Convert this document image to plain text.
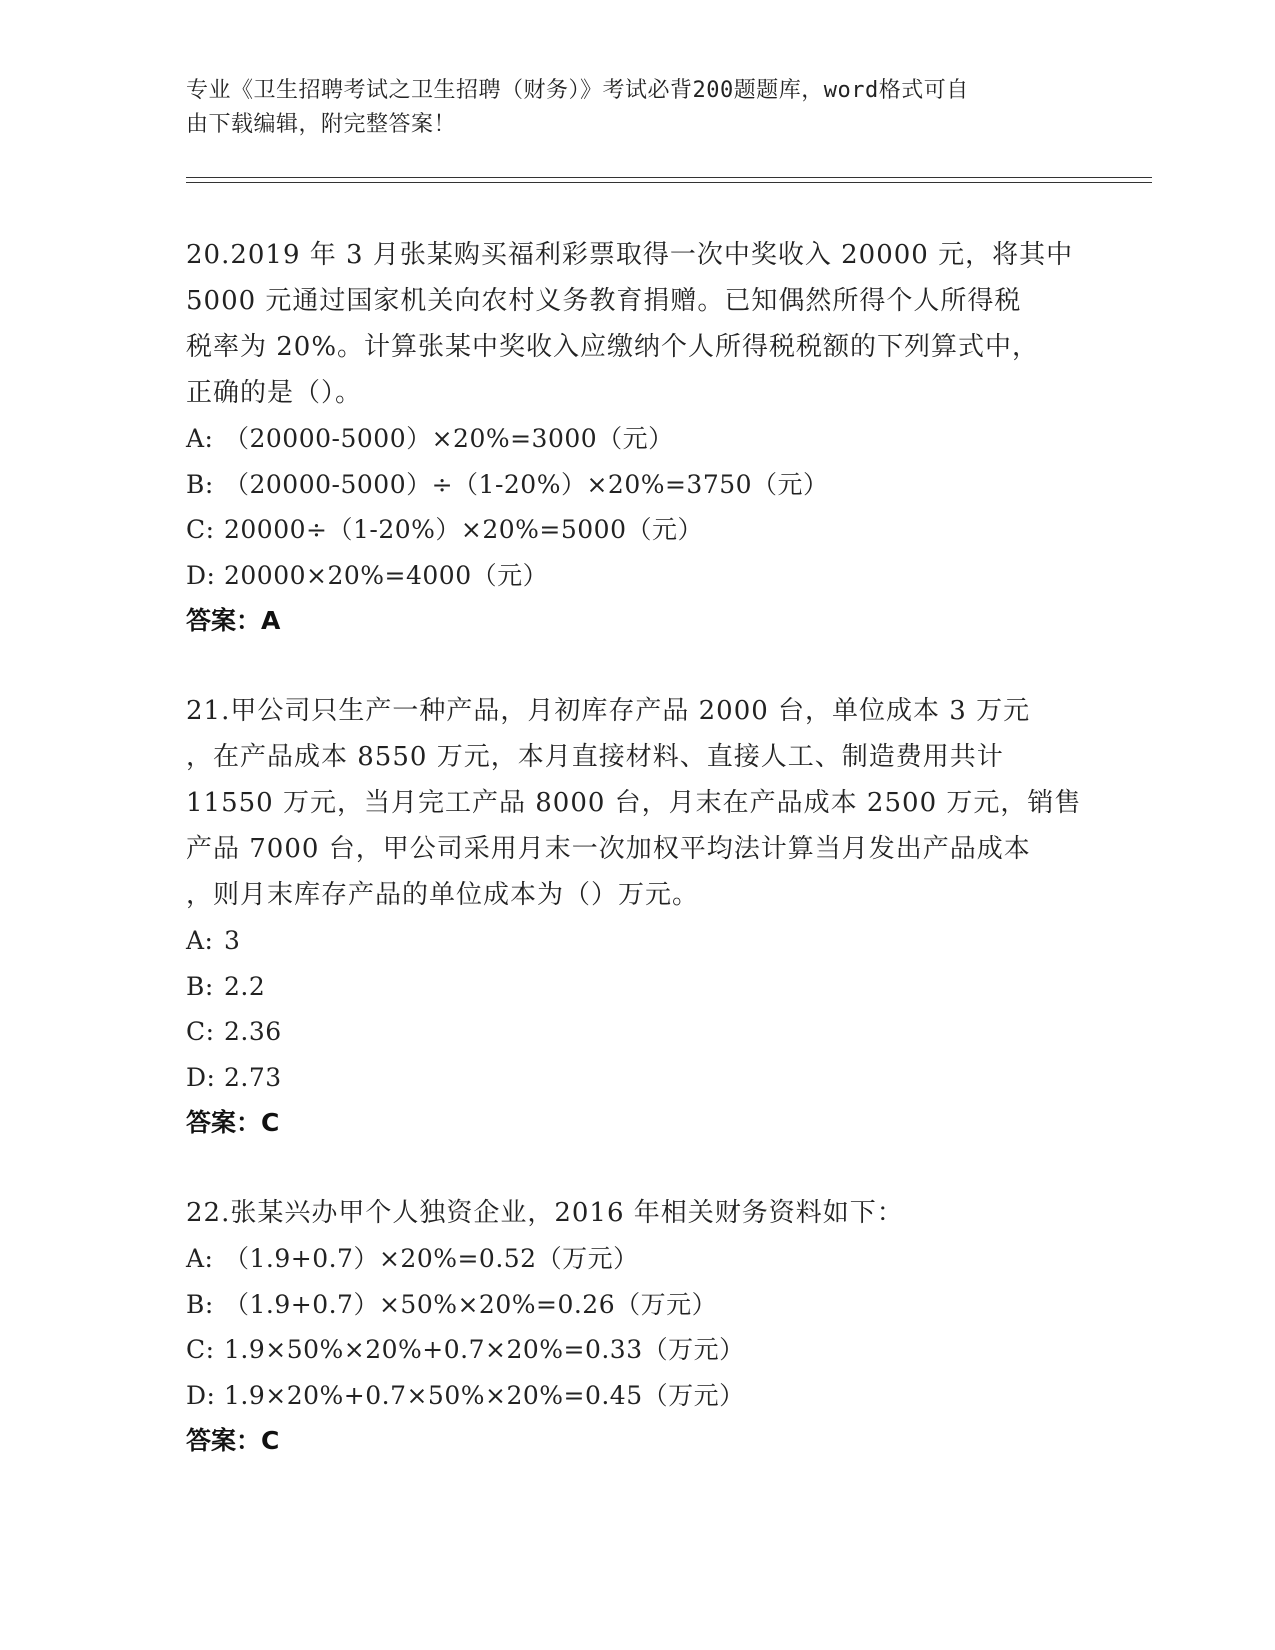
专业《卫生招聘考试之卫生招聘（财务）》考试必背200题题库，word格式可自
由下载编辑，附完整答案！
20.2019 年 3 月张某购买福利彩票取得一次中奖收入 20000 元，将其中
5000 元通过国家机关向农村义务教育捐赠。已知偶然所得个人所得税
税率为 20%。计算张某中奖收入应缴纳个人所得税税额的下列算式中，
正确的是（）。
A: （20000-5000）×20%=3000（元）
B: （20000-5000）÷（1-20%）×20%=3750（元）
C: 20000÷（1-20%）×20%=5000（元）
D: 20000×20%=4000（元）
答案：A
21.甲公司只生产一种产品，月初库存产品 2000 台，单位成本 3 万元
，在产品成本 8550 万元，本月直接材料、直接人工、制造费用共计
11550 万元，当月完工产品 8000 台，月末在产品成本 2500 万元，销售
产品 7000 台，甲公司采用月末一次加权平均法计算当月发出产品成本
，则月末库存产品的单位成本为（）万元。
A: 3
B: 2.2
C: 2.36
D: 2.73
答案：C
22.张某兴办甲个人独资企业，2016 年相关财务资料如下：
A: （1.9+0.7）×20%=0.52（万元）
B: （1.9+0.7）×50%×20%=0.26（万元）
C: 1.9×50%×20%+0.7×20%=0.33（万元）
D: 1.9×20%+0.7×50%×20%=0.45（万元）
答案：C
